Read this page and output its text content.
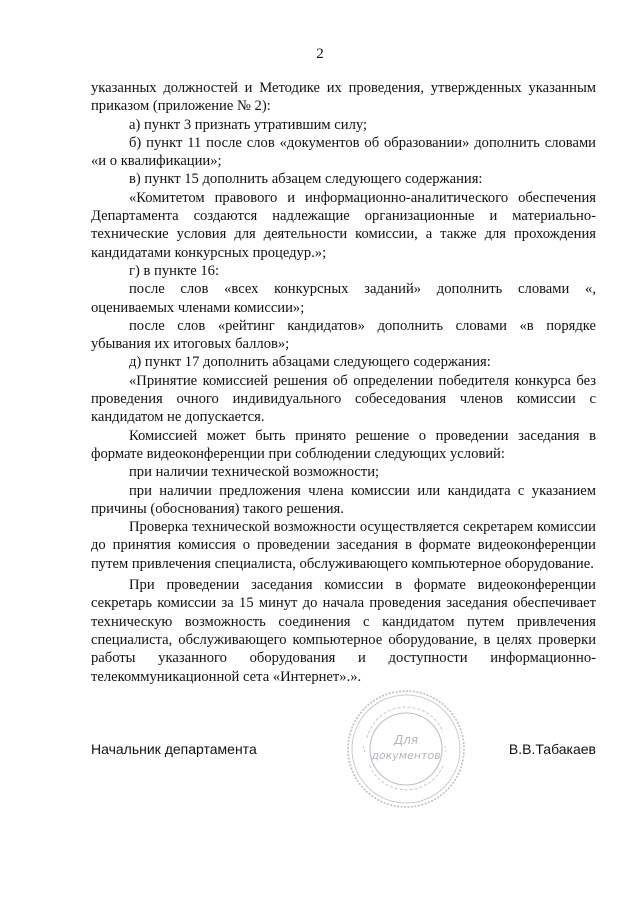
2

указанных должностей и Методике их проведения, утвержденных указанным приказом (приложение № 2):

а) пункт 3 признать утратившим силу;

б) пункт 11 после слов «документов об образовании» дополнить словами «и о квалификации»;

в) пункт 15 дополнить абзацем следующего содержания:

«Комитетом правового и информационно-аналитического обеспечения Департамента создаются надлежащие организационные и материально-технические условия для деятельности комиссии, а также для прохождения кандидатами конкурсных процедур.»;

г) в пункте 16:

после слов «всех конкурсных заданий» дополнить словами «, оцениваемых членами комиссии»;

после слов «рейтинг кандидатов» дополнить словами «в порядке убывания их итоговых баллов»;

д) пункт 17 дополнить абзацами следующего содержания:

«Принятие комиссией решения об определении победителя конкурса без проведения очного индивидуального собеседования членов комиссии с кандидатом не допускается.

Комиссией может быть принято решение о проведении заседания в формате видеоконференции при соблюдении следующих условий:

при наличии технической возможности;

при наличии предложения члена комиссии или кандидата с указанием причины (обоснования) такого решения.

Проверка технической возможности осуществляется секретарем комиссии до принятия комиссия о проведении заседания в формате видеоконференции путем привлечения специалиста, обслуживающего компьютерное оборудование.

При проведении заседания комиссии в формате видеоконференции секретарь комиссии за 15 минут до начала проведения заседания обеспечивает техническую возможность соединения с кандидатом путем привлечения специалиста, обслуживающего компьютерное оборудование, в целях проверки работы указанного оборудования и доступности информационно-телекоммуникационной сета «Интернет».».

Для
документов
Начальник департамента	В.В.Табакаев
